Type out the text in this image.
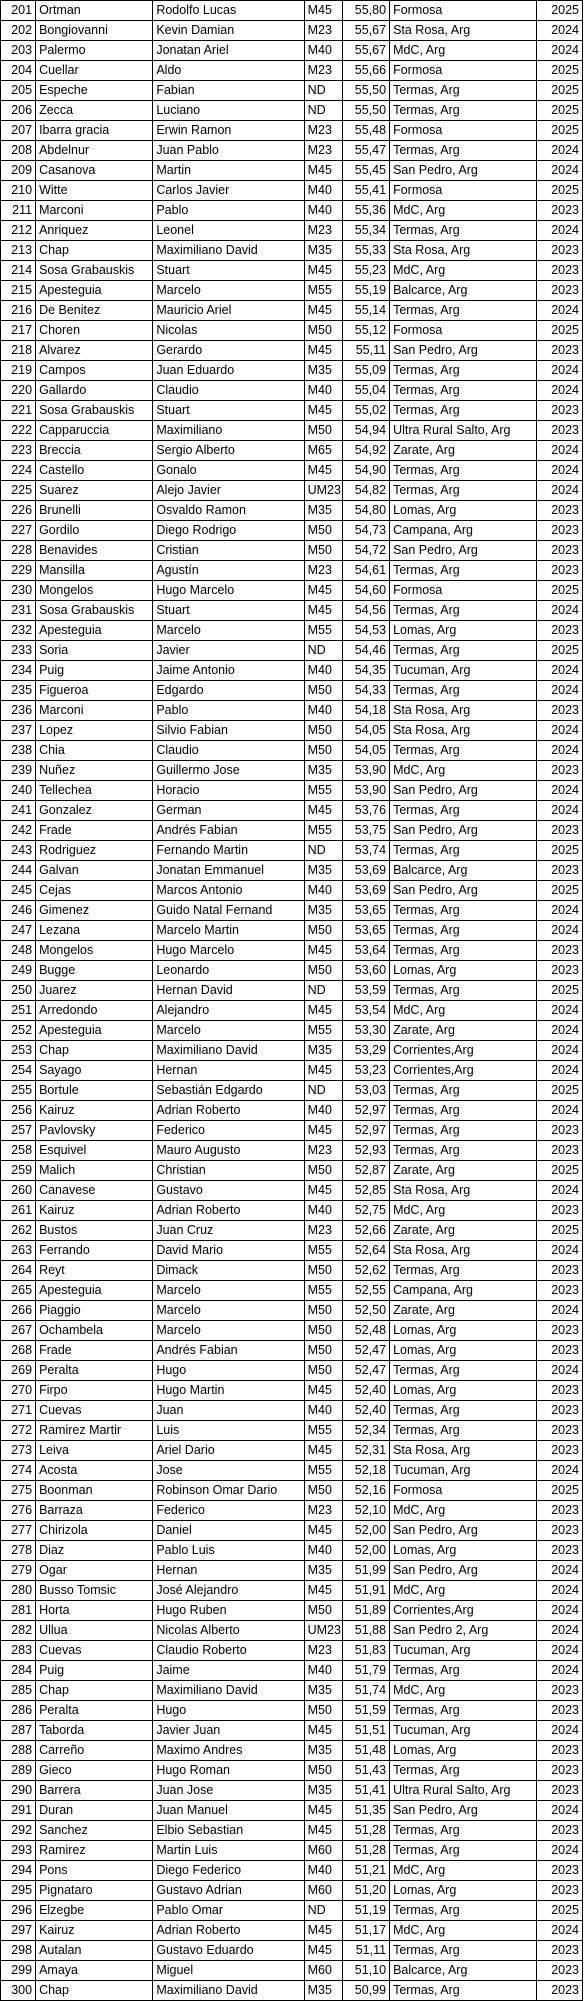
201	Ortman	Rodolfo Lucas	M45	55,80	Formosa	2025
202	Bongiovanni	Kevin Damian	M23	55,67	Sta Rosa, Arg	2024
203	Palermo	Jonatan Ariel	M40	55,67	MdC, Arg	2024
204	Cuellar	Aldo	M23	55,66	Formosa	2025
205	Espeche	Fabian	ND	55,50	Termas, Arg	2025
206	Zecca	Luciano	ND	55,50	Termas, Arg	2025
207	Ibarra gracia	Erwin Ramon	M23	55,48	Formosa	2025
208	Abdelnur	Juan Pablo	M23	55,47	Termas, Arg	2024
209	Casanova	Martin	M45	55,45	San Pedro, Arg	2024
210	Witte	Carlos Javier	M40	55,41	Formosa	2025
211	Marconi	Pablo	M40	55,36	MdC, Arg	2023
212	Anriquez	Leonel	M23	55,34	Termas, Arg	2024
213	Chap	Maximiliano David	M35	55,33	Sta Rosa, Arg	2023
214	Sosa Grabauskis	Stuart	M45	55,23	MdC, Arg	2023
215	Apesteguia	Marcelo	M55	55,19	Balcarce, Arg	2023
216	De Benitez	Mauricio Ariel	M45	55,14	Termas, Arg	2024
217	Choren	Nicolas	M50	55,12	Formosa	2025
218	Alvarez	Gerardo	M45	55,11	San Pedro, Arg	2023
219	Campos	Juan Eduardo	M35	55,09	Termas, Arg	2024
220	Gallardo	Claudio	M40	55,04	Termas, Arg	2024
221	Sosa Grabauskis	Stuart	M45	55,02	Termas, Arg	2023
222	Capparuccia	Maximiliano	M50	54,94	Ultra Rural Salto, Arg	2023
223	Breccia	Sergio Alberto	M65	54,92	Zarate, Arg	2024
224	Castello	Gonalo	M45	54,90	Termas, Arg	2024
225	Suarez	Alejo Javier	UM23	54,82	Termas, Arg	2024
226	Brunelli	Osvaldo Ramon	M35	54,80	Lomas, Arg	2023
227	Gordilo	Diego Rodrigo	M50	54,73	Campana, Arg	2023
228	Benavides	Cristian	M50	54,72	San Pedro, Arg	2023
229	Mansilla	Agustín	M23	54,61	Termas, Arg	2023
230	Mongelos	Hugo Marcelo	M45	54,60	Formosa	2025
231	Sosa Grabauskis	Stuart	M45	54,56	Termas, Arg	2024
232	Apesteguia	Marcelo	M55	54,53	Lomas, Arg	2023
233	Soria	Javier	ND	54,46	Termas, Arg	2025
234	Puig	Jaime Antonio	M40	54,35	Tucuman, Arg	2024
235	Figueroa	Edgardo	M50	54,33	Termas, Arg	2024
236	Marconi	Pablo	M40	54,18	Sta Rosa, Arg	2023
237	Lopez	Silvio Fabian	M50	54,05	Sta Rosa, Arg	2024
238	Chia	Claudio	M50	54,05	Termas, Arg	2024
239	Nuñez	Guillermo Jose	M35	53,90	MdC, Arg	2023
240	Tellechea	Horacio	M55	53,90	San Pedro, Arg	2024
241	Gonzalez	German	M45	53,76	Termas, Arg	2024
242	Frade	Andrés Fabian	M55	53,75	San Pedro, Arg	2023
243	Rodriguez	Fernando Martin	ND	53,74	Termas, Arg	2025
244	Galvan	Jonatan Emmanuel	M35	53,69	Balcarce, Arg	2023
245	Cejas	Marcos Antonio	M40	53,69	San Pedro, Arg	2025
246	Gimenez	Guido Natal Fernand	M35	53,65	Termas, Arg	2024
247	Lezana	Marcelo Martin	M50	53,65	Termas, Arg	2024
248	Mongelos	Hugo Marcelo	M45	53,64	Termas, Arg	2023
249	Bugge	Leonardo	M50	53,60	Lomas, Arg	2023
250	Juarez	Hernan David	ND	53,59	Termas, Arg	2025
251	Arredondo	Alejandro	M45	53,54	MdC, Arg	2024
252	Apesteguia	Marcelo	M55	53,30	Zarate, Arg	2024
253	Chap	Maximiliano David	M35	53,29	Corrientes,Arg	2024
254	Sayago	Hernan	M45	53,23	Corrientes,Arg	2024
255	Bortule	Sebastián Edgardo	ND	53,03	Termas, Arg	2025
256	Kairuz	Adrian Roberto	M40	52,97	Termas, Arg	2024
257	Pavlovsky	Federico	M45	52,97	Termas, Arg	2023
258	Esquivel	Mauro Augusto	M23	52,93	Termas, Arg	2023
259	Malich	Christian	M50	52,87	Zarate, Arg	2025
260	Canavese	Gustavo	M45	52,85	Sta Rosa, Arg	2024
261	Kairuz	Adrian Roberto	M40	52,75	MdC, Arg	2023
262	Bustos	Juan Cruz	M23	52,66	Zarate, Arg	2025
263	Ferrando	David Mario	M55	52,64	Sta Rosa, Arg	2024
264	Reyt	Dimack	M50	52,62	Termas, Arg	2023
265	Apesteguia	Marcelo	M55	52,55	Campana, Arg	2023
266	Piaggio	Marcelo	M50	52,50	Zarate, Arg	2024
267	Ochambela	Marcelo	M50	52,48	Lomas, Arg	2023
268	Frade	Andrés Fabian	M50	52,47	Lomas, Arg	2023
269	Peralta	Hugo	M50	52,47	Termas, Arg	2024
270	Firpo	Hugo Martin	M45	52,40	Lomas, Arg	2023
271	Cuevas	Juan	M40	52,40	Termas, Arg	2023
272	Ramirez Martir	Luis	M55	52,34	Termas, Arg	2023
273	Leiva	Ariel Dario	M45	52,31	Sta Rosa, Arg	2023
274	Acosta	Jose	M55	52,18	Tucuman, Arg	2024
275	Boonman	Robinson Omar Dario	M50	52,16	Formosa	2025
276	Barraza	Federico	M23	52,10	MdC, Arg	2023
277	Chirizola	Daniel	M45	52,00	San Pedro, Arg	2023
278	Diaz	Pablo Luis	M40	52,00	Lomas, Arg	2023
279	Ogar	Hernan	M35	51,99	San Pedro, Arg	2024
280	Busso Tomsic	José Alejandro	M45	51,91	MdC, Arg	2024
281	Horta	Hugo Ruben	M50	51,89	Corrientes,Arg	2024
282	Ullua	Nicolas Alberto	UM23	51,88	San Pedro 2, Arg	2024
283	Cuevas	Claudio Roberto	M23	51,83	Tucuman, Arg	2024
284	Puig	Jaime	M40	51,79	Termas, Arg	2024
285	Chap	Maximiliano David	M35	51,74	MdC, Arg	2023
286	Peralta	Hugo	M50	51,59	Termas, Arg	2023
287	Taborda	Javier Juan	M45	51,51	Tucuman, Arg	2024
288	Carreño	Maximo Andres	M35	51,48	Lomas, Arg	2023
289	Gieco	Hugo Roman	M50	51,43	Termas, Arg	2023
290	Barrera	Juan Jose	M35	51,41	Ultra Rural Salto, Arg	2023
291	Duran	Juan Manuel	M45	51,35	San Pedro, Arg	2024
292	Sanchez	Elbio Sebastian	M45	51,28	Termas, Arg	2023
293	Ramirez	Martin Luis	M60	51,28	Termas, Arg	2024
294	Pons	Diego Federico	M40	51,21	MdC, Arg	2023
295	Pignataro	Gustavo Adrian	M60	51,20	Lomas, Arg	2023
296	Elzegbe	Pablo Omar	ND	51,19	Termas, Arg	2025
297	Kairuz	Adrian Roberto	M45	51,17	MdC, Arg	2024
298	Autalan	Gustavo Eduardo	M45	51,11	Termas, Arg	2023
299	Amaya	Miguel	M60	51,10	Balcarce, Arg	2023
300	Chap	Maximiliano David	M35	50,99	Termas, Arg	2023
